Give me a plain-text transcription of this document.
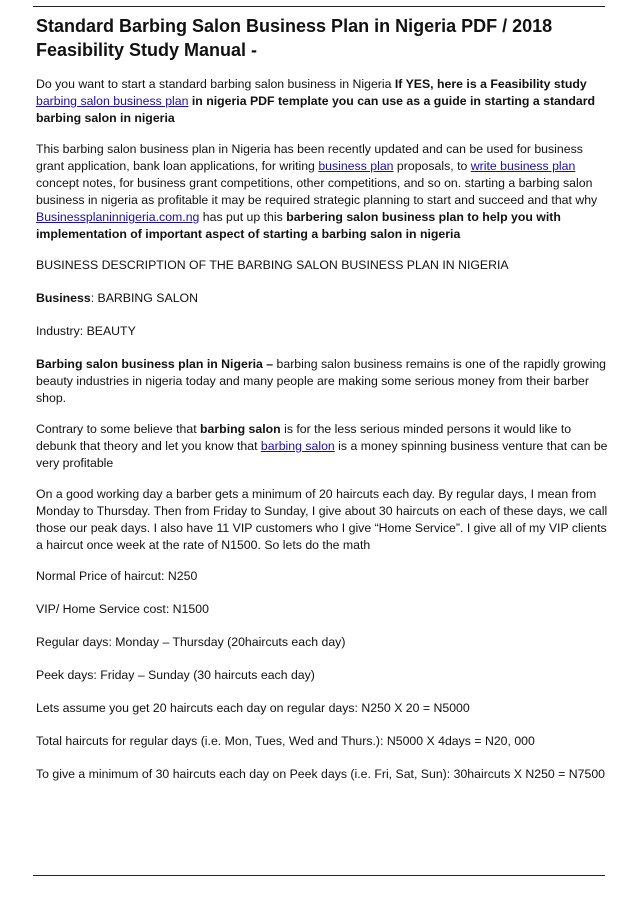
Standard Barbing Salon Business Plan in Nigeria PDF / 2018 Feasibility Study Manual -

Do you want to start a standard barbing salon business in Nigeria If YES, here is a Feasibility study barbing salon business plan in nigeria PDF template you can use as a guide in starting a standard barbing salon in nigeria

This barbing salon business plan in Nigeria has been recently updated and can be used for business grant application, bank loan applications, for writing business plan proposals, to write business plan concept notes, for business grant competitions, other competitions, and so on. starting a barbing salon business in nigeria as profitable it may be required strategic planning to start and succeed and that why Businessplaninnigeria.com.ng has put up this barbering salon business plan to help you with implementation of important aspect of starting a barbing salon in nigeria

BUSINESS DESCRIPTION OF THE BARBING SALON BUSINESS PLAN IN NIGERIA

Business: BARBING SALON

Industry: BEAUTY

Barbing salon business plan in Nigeria – barbing salon business remains is one of the rapidly growing beauty industries in nigeria today and many people are making some serious money from their barber shop.

Contrary to some believe that barbing salon is for the less serious minded persons it would like to debunk that theory and let you know that barbing salon is a money spinning business venture that can be very profitable

On a good working day a barber gets a minimum of 20 haircuts each day. By regular days, I mean from Monday to Thursday. Then from Friday to Sunday, I give about 30 haircuts on each of these days, we call those our peak days. I also have 11 VIP customers who I give “Home Service”. I give all of my VIP clients a haircut once week at the rate of N1500. So lets do the math

Normal Price of haircut: N250

VIP/ Home Service cost: N1500

Regular days: Monday – Thursday (20haircuts each day)

Peek days: Friday – Sunday (30 haircuts each day)

Lets assume you get 20 haircuts each day on regular days: N250 X 20 = N5000

Total haircuts for regular days (i.e. Mon, Tues, Wed and Thurs.): N5000 X 4days = N20, 000

To give a minimum of 30 haircuts each day on Peek days (i.e. Fri, Sat, Sun): 30haircuts X N250 = N7500
